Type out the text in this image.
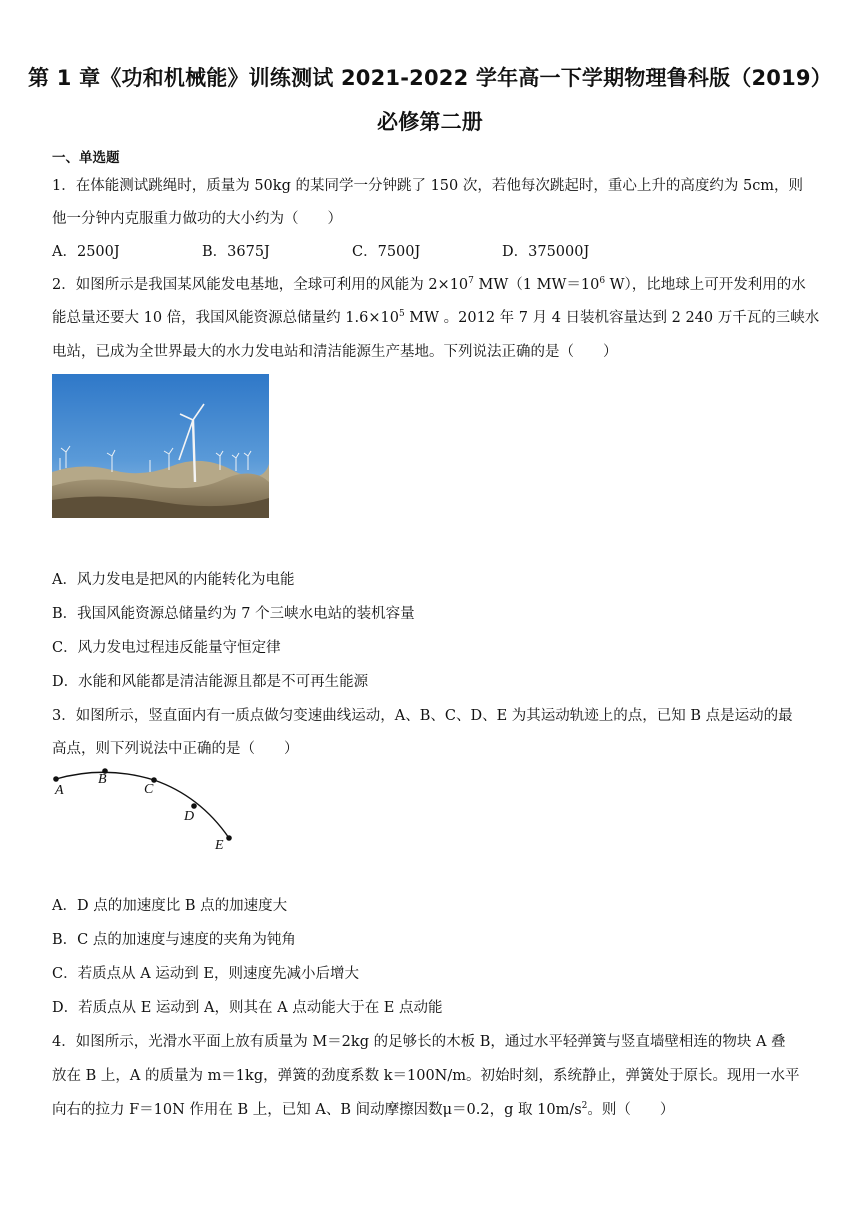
第 1 章《功和机械能》训练测试 2021-2022 学年高一下学期物理鲁科版（2019）
必修第二册
一、单选题
1．在体能测试跳绳时，质量为 50kg 的某同学一分钟跳了 150 次，若他每次跳起时，重心上升的高度约为 5cm，则
他一分钟内克服重力做功的大小约为（　　）
A．2500J	B．3675J	C．7500J	D．375000J
2．如图所示是我国某风能发电基地，全球可利用的风能为 $2\times 10^7$ MW（1 $MW=10^6$ W），比地球上可开发利用的水
能总量还要大 10 倍，我国风能资源总储量约 $1.6\times 10^5$ MW 。2012 年 7 月 4 日装机容量达到 2 240 万千瓦的三峡水
电站，已成为全世界最大的水力发电站和清洁能源生产基地。下列说法正确的是（　　）
A．风力发电是把风的内能转化为电能
B．我国风能资源总储量约为 7 个三峡水电站的装机容量
C．风力发电过程违反能量守恒定律
D．水能和风能都是清洁能源且都是不可再生能源
3．如图所示，竖直面内有一质点做匀变速曲线运动，A、B、C、D、E 为其运动轨迹上的点，已知 B 点是运动的最
高点，则下列说法中正确的是（　　）
A
B
C
D
E
A．D 点的加速度比 B 点的加速度大
B．C 点的加速度与速度的夹角为钝角
C．若质点从 A 运动到 E，则速度先减小后增大
D．若质点从 E 运动到 A，则其在 A 点动能大于在 E 点动能
4．如图所示，光滑水平面上放有质量为 M＝2kg 的足够长的木板 B，通过水平轻弹簧与竖直墙壁相连的物块 A 叠
放在 B 上，A 的质量为 m＝1kg，弹簧的劲度系数 k＝100N/m。初始时刻，系统静止，弹簧处于原长。现用一水平
向右的拉力 F＝10N 作用在 B 上，已知 A、B 间动摩擦因数μ＝0.2，g 取 $10m/s^2$。则（　　）
